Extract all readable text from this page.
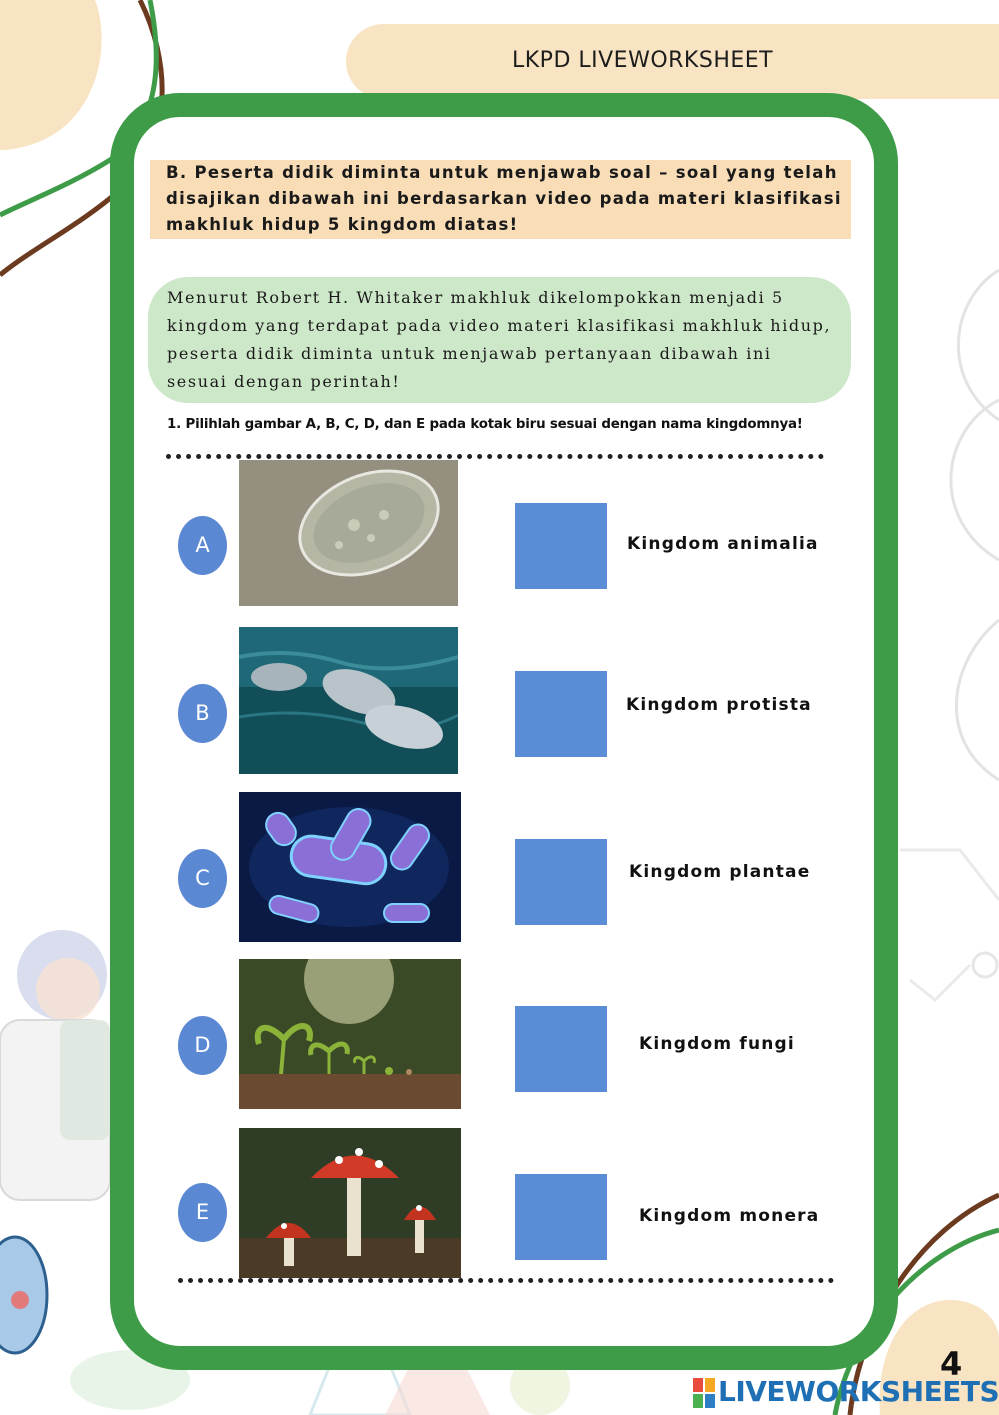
LKPD LIVEWORKSHEET
B. Peserta didik diminta untuk menjawab soal – soal yang telah disajikan dibawah ini berdasarkan video pada materi klasifikasi makhluk hidup 5 kingdom diatas!
Menurut Robert H. Whitaker makhluk dikelompokkan menjadi 5 kingdom yang terdapat pada video materi klasifikasi makhluk hidup, peserta didik diminta untuk menjawab pertanyaan dibawah ini sesuai dengan perintah!
1. Pilihlah gambar A, B, C, D, dan E pada kotak biru sesuai dengan nama kingdomnya!
A	Kingdom animalia
B	Kingdom protista
C	Kingdom plantae
D	Kingdom fungi
E	Kingdom monera
4
LIVEWORKSHEETS
